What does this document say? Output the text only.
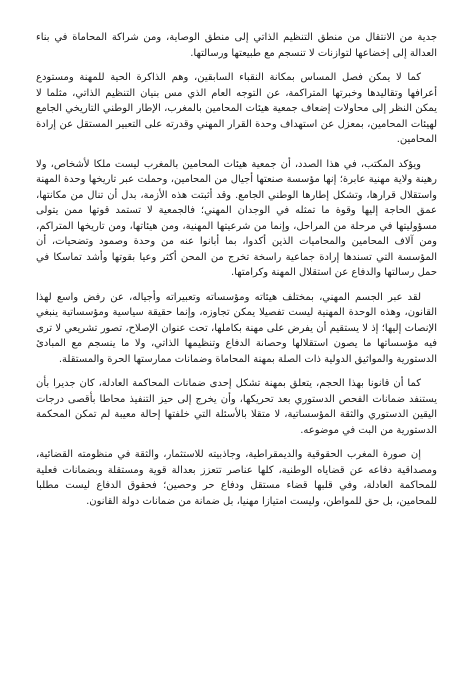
جدية من الانتقال من منطق التنظيم الذاتي إلى منطق الوصاية، ومن شراكة المحاماة في بناء العدالة إلى إخضاعها لتوازنات لا تنسجم مع طبيعتها ورسالتها.

كما لا يمكن فصل المساس بمكانة النقباء السابقين، وهم الذاكرة الحية للمهنة ومستودع أعرافها وتقاليدها وخبرتها المتراكمة، عن التوجه العام الذي مس بنيان التنظيم الذاتي، مثلما لا يمكن النظر إلى محاولات إضعاف جمعية هيئات المحامين بالمغرب، الإطار الوطني التاريخي الجامع لهيئات المحامين، بمعزل عن استهداف وحدة القرار المهني وقدرته على التعبير المستقل عن إرادة المحامين.

ويؤكد المكتب، في هذا الصدد، أن جمعية هيئات المحامين بالمغرب ليست ملكا لأشخاص، ولا رهينة ولاية مهنية عابرة؛ إنها مؤسسة صنعتها أجيال من المحامين، وحملت عبر تاريخها وحدة المهنة واستقلال قرارها، وتشكل إطارها الوطني الجامع. وقد أثبتت هذه الأزمة، بدل أن تنال من مكانتها، عمق الحاجة إليها وقوة ما تمثله في الوجدان المهني؛ فالجمعية لا تستمد قوتها ممن يتولى مسؤوليتها في مرحلة من المراحل، وإنما من شرعيتها المهنية، ومن هيئاتها، ومن تاريخها المتراكم، ومن آلاف المحامين والمحاميات الذين أكدوا، بما أبانوا عنه من وحدة وصمود وتضحيات، أن المؤسسة التي تسندها إرادة جماعية راسخة تخرج من المحن أكثر وعيا بقوتها وأشد تماسكا في حمل رسالتها والدفاع عن استقلال المهنة وكرامتها.

لقد عبر الجسم المهني، بمختلف هيئاته ومؤسساته وتعبيراته وأجياله، عن رفض واسع لهذا القانون، وهذه الوحدة المهنية ليست تفصيلا يمكن تجاوزه، وإنما حقيقة سياسية ومؤسساتية ينبغي الإنصات إليها؛ إذ لا يستقيم أن يفرض على مهنة بكاملها، تحت عنوان الإصلاح، تصور تشريعي لا ترى فيه مؤسساتها ما يصون استقلالها وحصانة الدفاع وتنظيمها الذاتي، ولا ما ينسجم مع المبادئ الدستورية والمواثيق الدولية ذات الصلة بمهنة المحاماة وضمانات ممارستها الحرة والمستقلة.

كما أن قانونا بهذا الحجم، يتعلق بمهنة تشكل إحدى ضمانات المحاكمة العادلة، كان جديرا بأن يستنفد ضمانات الفحص الدستوري بعد تحريكها، وأن يخرج إلى حيز التنفيذ محاطا بأقصى درجات اليقين الدستوري والثقة المؤسساتية، لا متقلا بالأسئلة التي خلفتها إحالة معيبة لم تمكن المحكمة الدستورية من البت في موضوعه.

إن صورة المغرب الحقوقية والديمقراطية، وجاذبيته للاستثمار، والثقة في منظومته القضائية، ومصداقية دفاعه عن قضاياه الوطنية، كلها عناصر تتعزز بعدالة قوية ومستقلة وبضمانات فعلية للمحاكمة العادلة، وفي قلبها قضاء مستقل ودفاع حر وحصين؛ فحقوق الدفاع ليست مطلبا للمحامين، بل حق للمواطن، وليست امتيازا مهنيا، بل ضمانة من ضمانات دولة القانون.
